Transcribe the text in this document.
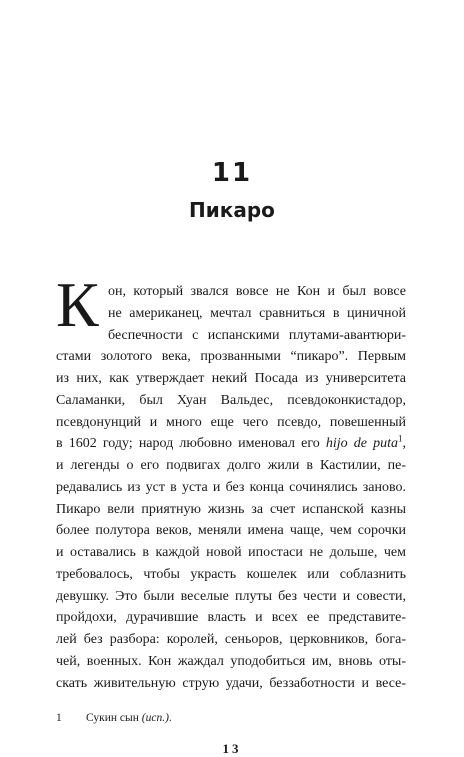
11
Пикаро
К он, который звался вовсе не Кон и был вовсе
не американец, мечтал сравниться в циничной
беспечности с испанскими плутами-авантюри-
стами золотого века, прозванными “пикаро”. Первым
из них, как утверждает некий Посада из университета
Саламанки, был Хуан Вальдес, псевдоконкистадор,
псевдонунций и много еще чего псевдо, повешенный
в 1602 году; народ любовно именовал его hijo de puta$^1$,
и легенды о его подвигах долго жили в Кастилии, пе-
редавались из уст в уста и без конца сочинялись заново.
Пикаро вели приятную жизнь за счет испанской казны
более полутора веков, меняли имена чаще, чем сорочки
и оставались в каждой новой ипостаси не дольше, чем
требовалось, чтобы украсть кошелек или соблазнить
девушку. Это были веселые плуты без чести и совести,
пройдохи, дурачившие власть и всех ее представите-
лей без разбора: королей, сеньоров, церковников, бога-
чей, военных. Кон жаждал уподобиться им, вновь оты-
скать живительную струю удачи, беззаботности и весе-
1 Сукин сын (исп.).
13
